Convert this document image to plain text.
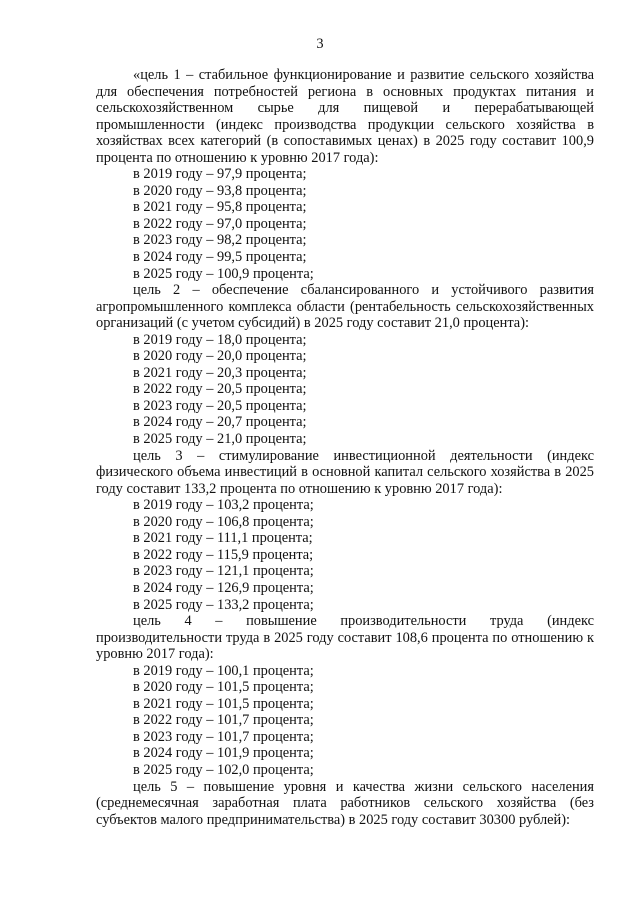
3

«цель 1 – стабильное функционирование и развитие сельского хозяйства для обеспечения потребностей региона в основных продуктах питания и сельскохозяйственном сырье для пищевой и перерабатывающей промышленности (индекс производства продукции сельского хозяйства в хозяйствах всех категорий (в сопоставимых ценах) в 2025 году составит 100,9 процента по отношению к уровню 2017 года):

в 2019 году – 97,9 процента;
в 2020 году – 93,8 процента;
в 2021 году – 95,8 процента;
в 2022 году – 97,0 процента;
в 2023 году – 98,2 процента;
в 2024 году – 99,5 процента;
в 2025 году – 100,9 процента;

цель 2 – обеспечение сбалансированного и устойчивого развития агропромышленного комплекса области (рентабельность сельскохозяйственных организаций (с учетом субсидий) в 2025 году составит 21,0 процента):

в 2019 году – 18,0 процента;
в 2020 году – 20,0 процента;
в 2021 году – 20,3 процента;
в 2022 году – 20,5 процента;
в 2023 году – 20,5 процента;
в 2024 году – 20,7 процента;
в 2025 году – 21,0 процента;

цель 3 – стимулирование инвестиционной деятельности (индекс физического объема инвестиций в основной капитал сельского хозяйства в 2025 году составит 133,2 процента по отношению к уровню 2017 года):

в 2019 году – 103,2 процента;
в 2020 году – 106,8 процента;
в 2021 году – 111,1 процента;
в 2022 году – 115,9 процента;
в 2023 году – 121,1 процента;
в 2024 году – 126,9 процента;
в 2025 году – 133,2 процента;

цель 4 – повышение производительности труда (индекс производительности труда в 2025 году составит 108,6 процента по отношению к уровню 2017 года):

в 2019 году – 100,1 процента;
в 2020 году – 101,5 процента;
в 2021 году – 101,5 процента;
в 2022 году – 101,7 процента;
в 2023 году – 101,7 процента;
в 2024 году – 101,9 процента;
в 2025 году – 102,0 процента;

цель 5 – повышение уровня и качества жизни сельского населения (среднемесячная заработная плата работников сельского хозяйства (без субъектов малого предпринимательства) в 2025 году составит 30300 рублей):
